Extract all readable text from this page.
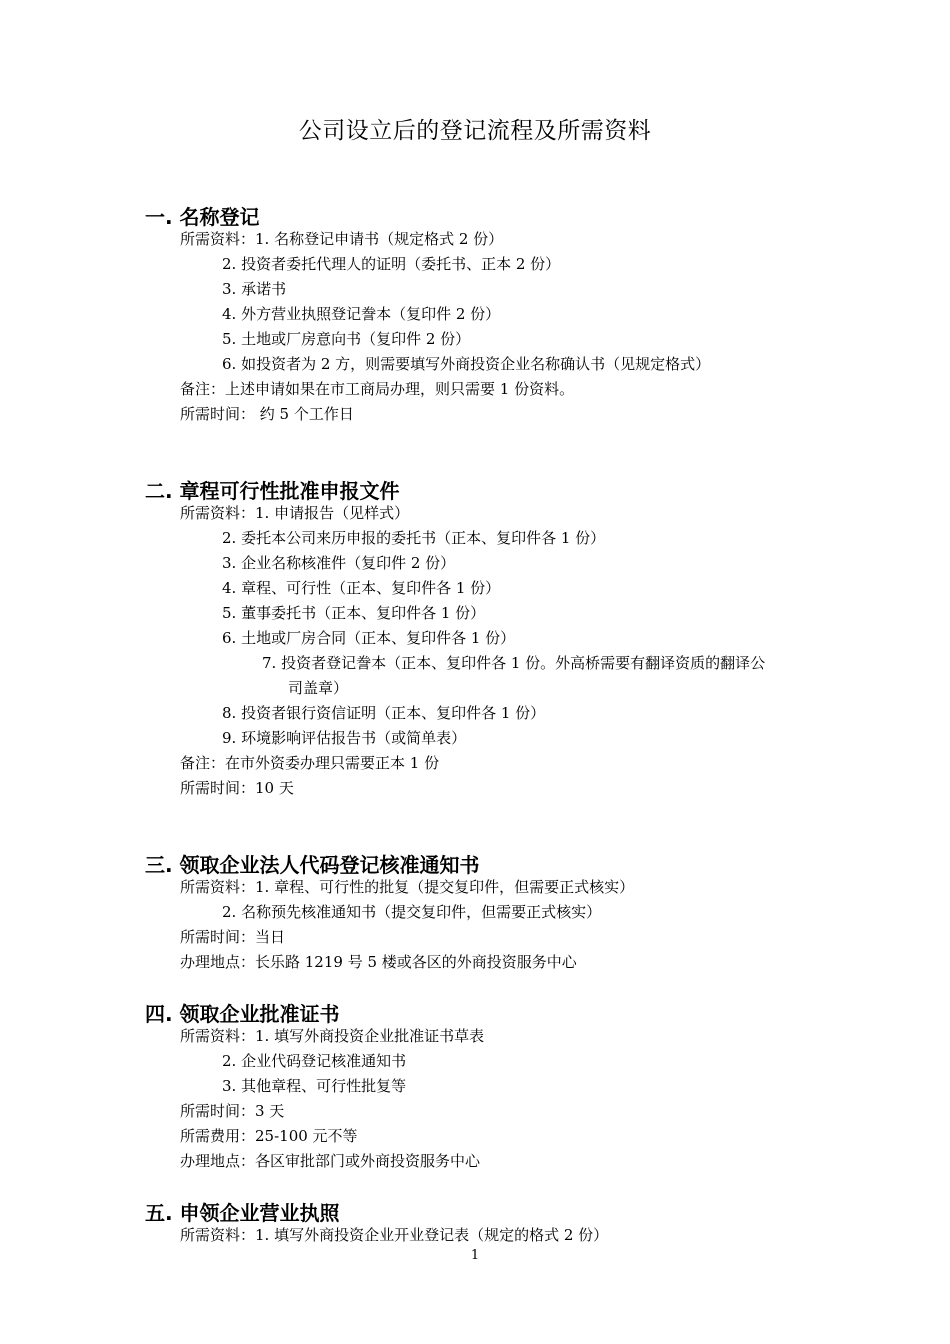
公司设立后的登记流程及所需资料
一. 名称登记
所需资料：1. 名称登记申请书（规定格式 2 份）
2. 投资者委托代理人的证明（委托书、正本 2 份）
3. 承诺书
4. 外方营业执照登记誊本（复印件 2 份）
5. 土地或厂房意向书（复印件 2 份）
6. 如投资者为 2 方，则需要填写外商投资企业名称确认书（见规定格式）
备注：上述申请如果在市工商局办理，则只需要 1 份资料。
所需时间： 约 5 个工作日
二. 章程可行性批准申报文件
所需资料：1. 申请报告（见样式）
2. 委托本公司来历申报的委托书（正本、复印件各 1 份）
3. 企业名称核准件（复印件 2 份）
4. 章程、可行性（正本、复印件各 1 份）
5. 董事委托书（正本、复印件各 1 份）
6. 土地或厂房合同（正本、复印件各 1 份）
7. 投资者登记誊本（正本、复印件各 1 份。外高桥需要有翻译资质的翻译公
司盖章）
8. 投资者银行资信证明（正本、复印件各 1 份）
9. 环境影响评估报告书（或简单表）
备注：在市外资委办理只需要正本 1 份
所需时间：10 天
三. 领取企业法人代码登记核准通知书
所需资料：1. 章程、可行性的批复（提交复印件，但需要正式核实）
2. 名称预先核准通知书（提交复印件，但需要正式核实）
所需时间：当日
办理地点：长乐路 1219 号 5 楼或各区的外商投资服务中心
四. 领取企业批准证书
所需资料：1. 填写外商投资企业批准证书草表
2. 企业代码登记核准通知书
3. 其他章程、可行性批复等
所需时间：3 天
所需费用：25-100 元不等
办理地点：各区审批部门或外商投资服务中心
五. 申领企业营业执照
所需资料：1. 填写外商投资企业开业登记表（规定的格式 2 份）
1
